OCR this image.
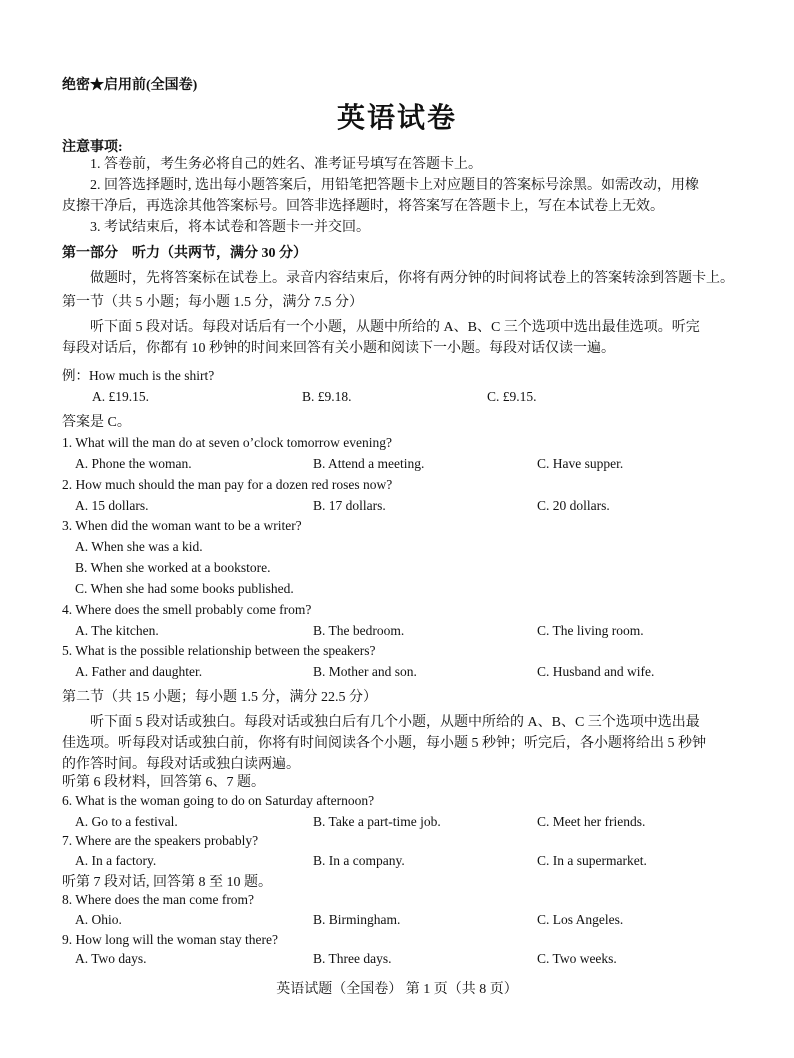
绝密★启用前(全国卷)
英语试卷
注意事项:
1. 答卷前，考生务必将自己的姓名、准考证号填写在答题卡上。
2. 回答选择题时, 选出每小题答案后，用铅笔把答题卡上对应题目的答案标号涂黑。如需改动，用橡皮擦干净后，再选涂其他答案标号。回答非选择题时，将答案写在答题卡上，写在本试卷上无效。
3. 考试结束后，将本试卷和答题卡一并交回。
第一部分　听力（共两节，满分 30 分）
做题时，先将答案标在试卷上。录音内容结束后，你将有两分钟的时间将试卷上的答案转涂到答题卡上。
第一节（共 5 小题；每小题 1.5 分，满分 7.5 分）
听下面 5 段对话。每段对话后有一个小题，从题中所给的 A、B、C 三个选项中选出最佳选项。听完每段对话后，你都有 10 秒钟的时间来回答有关小题和阅读下一小题。每段对话仅读一遍。
例：How much is the shirt?
A. £19.15.	B. £9.18.	C. £9.15.
答案是 C。
1. What will the man do at seven o’clock tomorrow evening?
A. Phone the woman.	B. Attend a meeting.	C. Have supper.
2. How much should the man pay for a dozen red roses now?
A. 15 dollars.	B. 17 dollars.	C. 20 dollars.
3. When did the woman want to be a writer?
A. When she was a kid.
B. When she worked at a bookstore.
C. When she had some books published.
4. Where does the smell probably come from?
A. The kitchen.	B. The bedroom.	C. The living room.
5. What is the possible relationship between the speakers?
A. Father and daughter.	B. Mother and son.	C. Husband and wife.
第二节（共 15 小题；每小题 1.5 分，满分 22.5 分）
听下面 5 段对话或独白。每段对话或独白后有几个小题，从题中所给的 A、B、C 三个选项中选出最佳选项。听每段对话或独白前，你将有时间阅读各个小题，每小题 5 秒钟；听完后，各小题将给出 5 秒钟的作答时间。每段对话或独白读两遍。
听第 6 段材料，回答第 6、7 题。
6. What is the woman going to do on Saturday afternoon?
A. Go to a festival.	B. Take a part-time job.	C. Meet her friends.
7. Where are the speakers probably?
A. In a factory.	B. In a company.	C. In a supermarket.
听第 7 段对话, 回答第 8 至 10 题。
8. Where does the man come from?
A. Ohio.	B. Birmingham.	C. Los Angeles.
9. How long will the woman stay there?
A. Two days.	B. Three days.	C. Two weeks.
英语试题（全国卷） 第 1 页（共 8 页）
